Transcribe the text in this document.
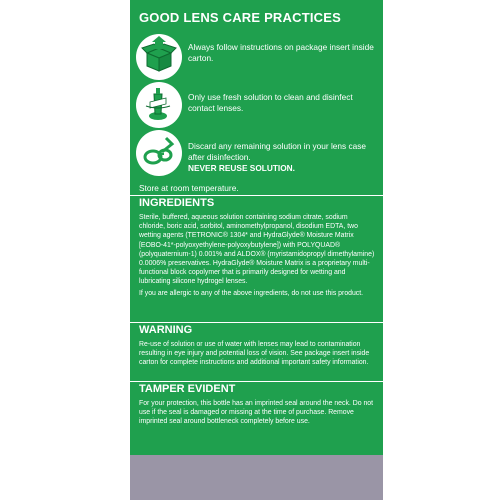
GOOD LENS CARE PRACTICES
Always follow instructions on package insert inside carton.
Only use fresh solution to clean and disinfect contact lenses.
Discard any remaining solution in your lens case after disinfection.
NEVER REUSE SOLUTION.
Store at room temperature.
INGREDIENTS

Sterile, buffered, aqueous solution containing sodium citrate, sodium chloride, boric acid, sorbitol, aminomethylpropanol, disodium EDTA, two wetting agents (TETRONIC® 1304* and HydraGlyde® Moisture Matrix [EOBO-41*-polyoxyethylene-polyoxybutylene]) with POLYQUAD® (polyquaternium-1) 0.001% and ALDOX® (myristamidopropyl dimethylamine) 0.0006% preservatives. HydraGlyde® Moisture Matrix is a proprietary multi-functional block copolymer that is primarily designed for wetting and lubricating silicone hydrogel lenses.

If you are allergic to any of the above ingredients, do not use this product.

WARNING

Re-use of solution or use of water with lenses may lead to contamination resulting in eye injury and potential loss of vision. See package insert inside carton for complete instructions and additional important safety information.

TAMPER EVIDENT

For your protection, this bottle has an imprinted seal around the neck. Do not use if the seal is damaged or missing at the time of purchase. Remove imprinted seal around bottleneck completely before use.
